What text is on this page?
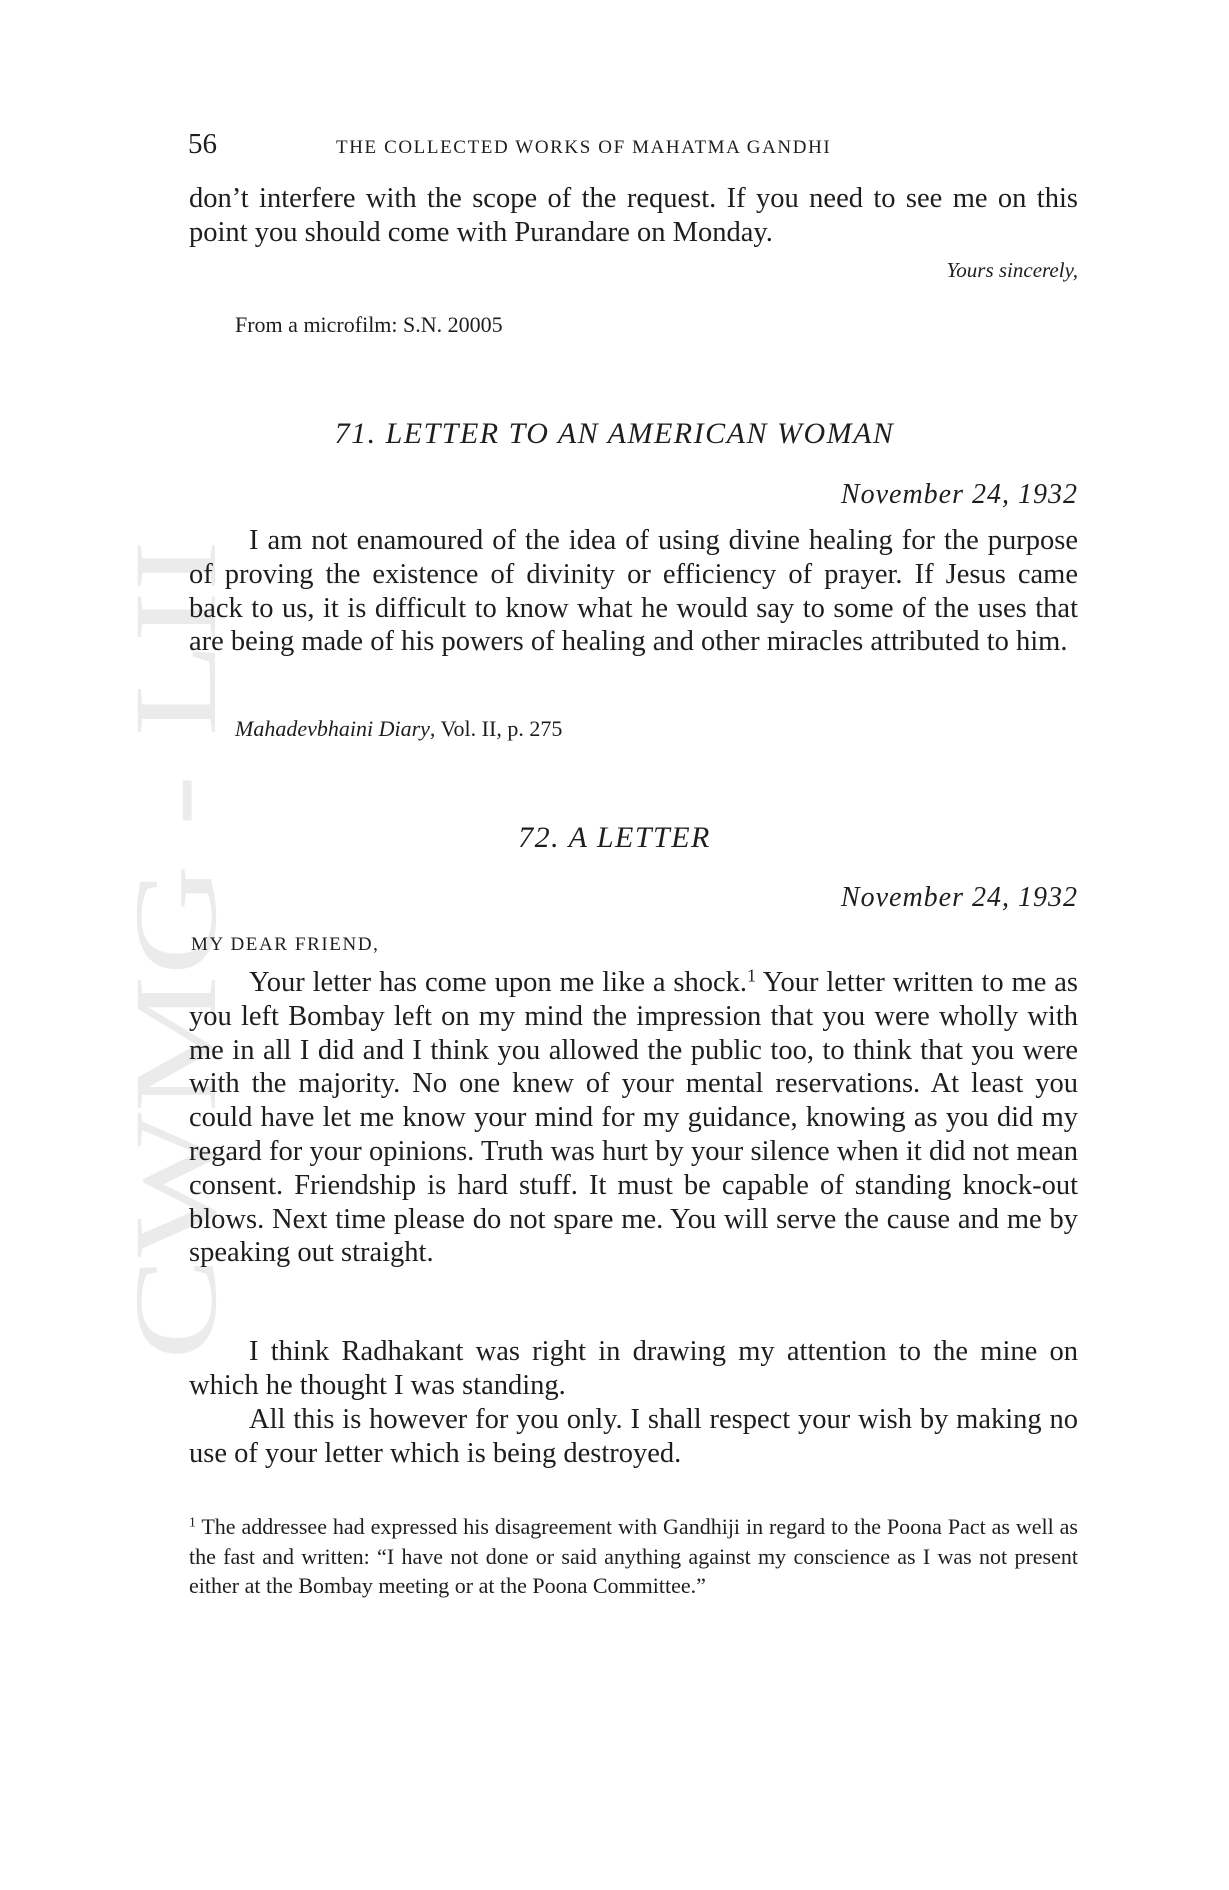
CWMG - LII
56	THE COLLECTED WORKS OF MAHATMA GANDHI

don’t interfere with the scope of the request. If you need to see me on this point you should come with Purandare on Monday.

Yours sincerely,
From a microfilm: S.N. 20005
71. LETTER TO AN AMERICAN WOMAN
November 24, 1932

I am not enamoured of the idea of using divine healing for the purpose of proving the existence of divinity or efficiency of prayer. If Jesus came back to us, it is difficult to know what he would say to some of the uses that are being made of his powers of healing and other miracles attributed to him.

Mahadevbhaini Diary, Vol. II, p. 275
72. A LETTER
November 24, 1932
MY DEAR FRIEND,

Your letter has come upon me like a shock.$^1$ Your letter written to me as you left Bombay left on my mind the impression that you were wholly with me in all I did and I think you allowed the public too, to think that you were with the majority. No one knew of your mental reservations. At least you could have let me know your mind for my guidance, knowing as you did my regard for your opinions. Truth was hurt by your silence when it did not mean consent. Friendship is hard stuff. It must be capable of standing knock-out blows. Next time please do not spare me. You will serve the cause and me by speaking out straight.

I think Radhakant was right in drawing my attention to the mine on which he thought I was standing.

All this is however for you only. I shall respect your wish by making no use of your letter which is being destroyed.

$^1$ The addressee had expressed his disagreement with Gandhiji in regard to the Poona Pact as well as the fast and written: “I have not done or said anything against my conscience as I was not present either at the Bombay meeting or at the Poona Committee.”
